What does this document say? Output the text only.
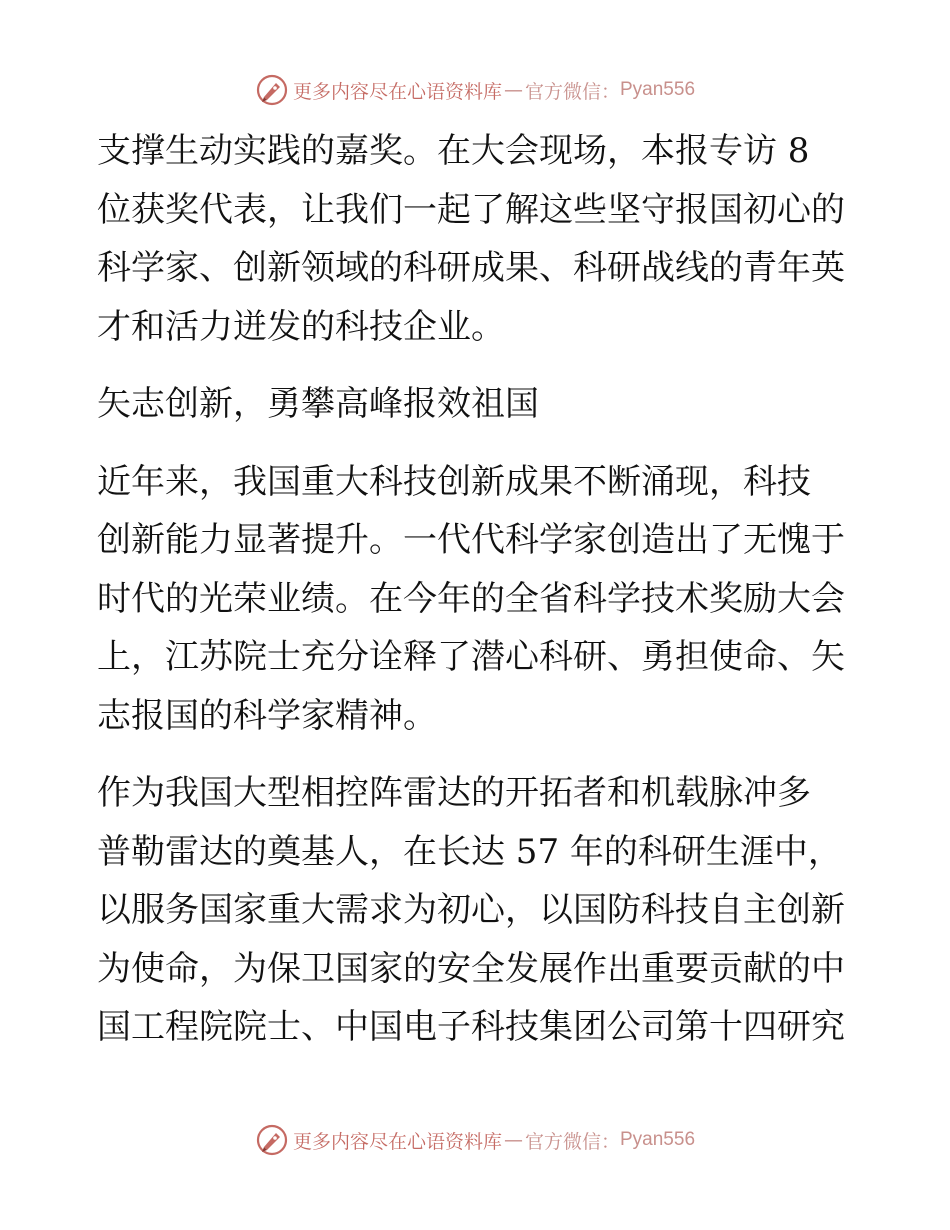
更多内容尽在心语资料库 — 官方微信： Pyan556

支撑生动实践的嘉奖。在大会现场，本报专访 8
位获奖代表，让我们一起了解这些坚守报国初心的
科学家、创新领域的科研成果、科研战线的青年英
才和活力迸发的科技企业。

矢志创新，勇攀高峰报效祖国

近年来，我国重大科技创新成果不断涌现，科技
创新能力显著提升。一代代科学家创造出了无愧于
时代的光荣业绩。在今年的全省科学技术奖励大会
上，江苏院士充分诠释了潜心科研、勇担使命、矢
志报国的科学家精神。

作为我国大型相控阵雷达的开拓者和机载脉冲多
普勒雷达的奠基人，在长达 57 年的科研生涯中，
以服务国家重大需求为初心，以国防科技自主创新
为使命，为保卫国家的安全发展作出重要贡献的中
国工程院院士、中国电子科技集团公司第十四研究

更多内容尽在心语资料库 — 官方微信： Pyan556
